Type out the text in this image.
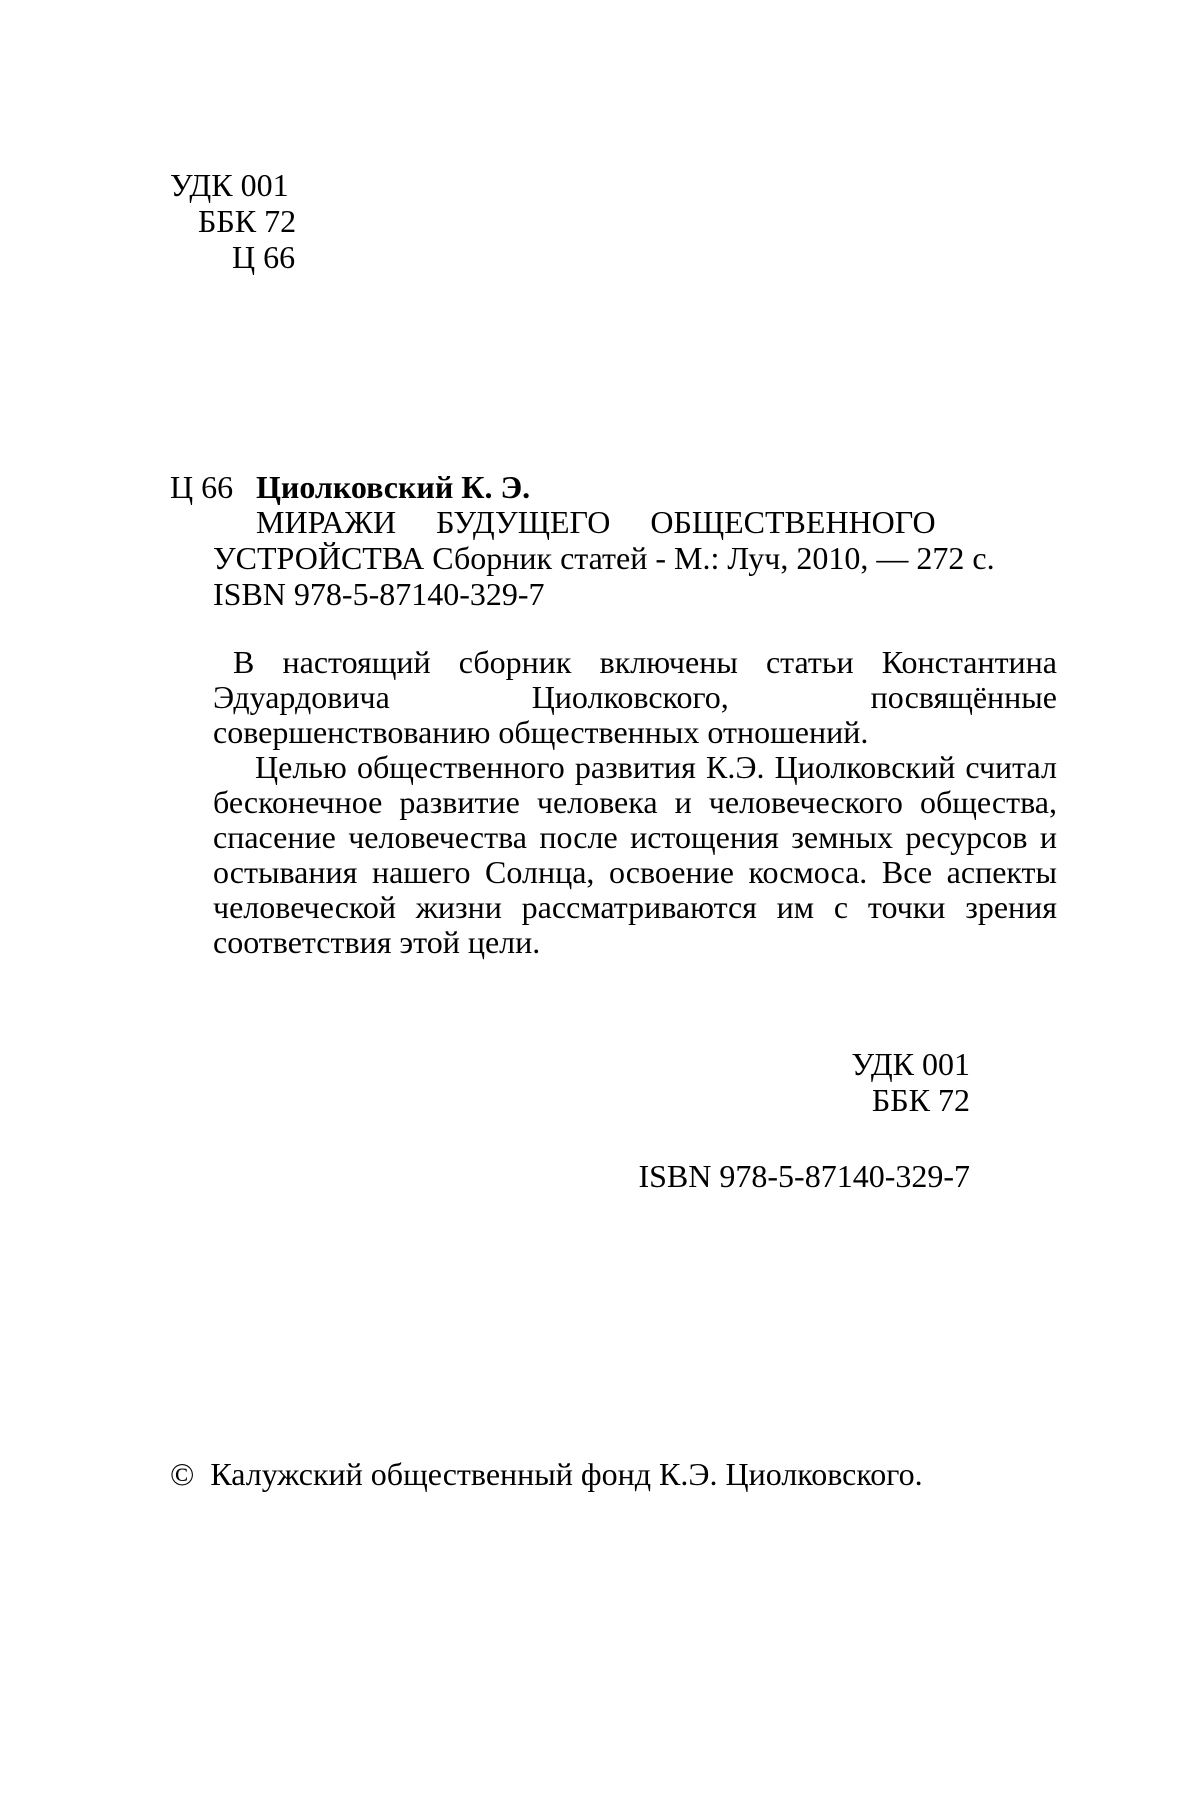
УДК 001
ББК 72
Ц 66
Ц 66 Циолковский К. Э.
МИРАЖИ     БУДУЩЕГО     ОБЩЕСТВЕННОГО
УСТРОЙСТВА Сборник статей - М.: Луч, 2010, — 272 с.
ISBN 978-5-87140-329-7

В настоящий сборник включены статьи Константина Эдуардовича Циолковского, посвящённые совершенствованию общественных отношений.

Целью общественного развития К.Э. Циолковский считал бесконечное развитие человека и человеческого общества, спасение человечества после истощения земных ресурсов и остывания нашего Солнца, освоение космоса. Все аспекты человеческой жизни рассматриваются им с точки зрения соответствия этой цели.

УДК 001
ББК 72
ISBN 978-5-87140-329-7
© Калужский общественный фонд К.Э. Циолковского.
